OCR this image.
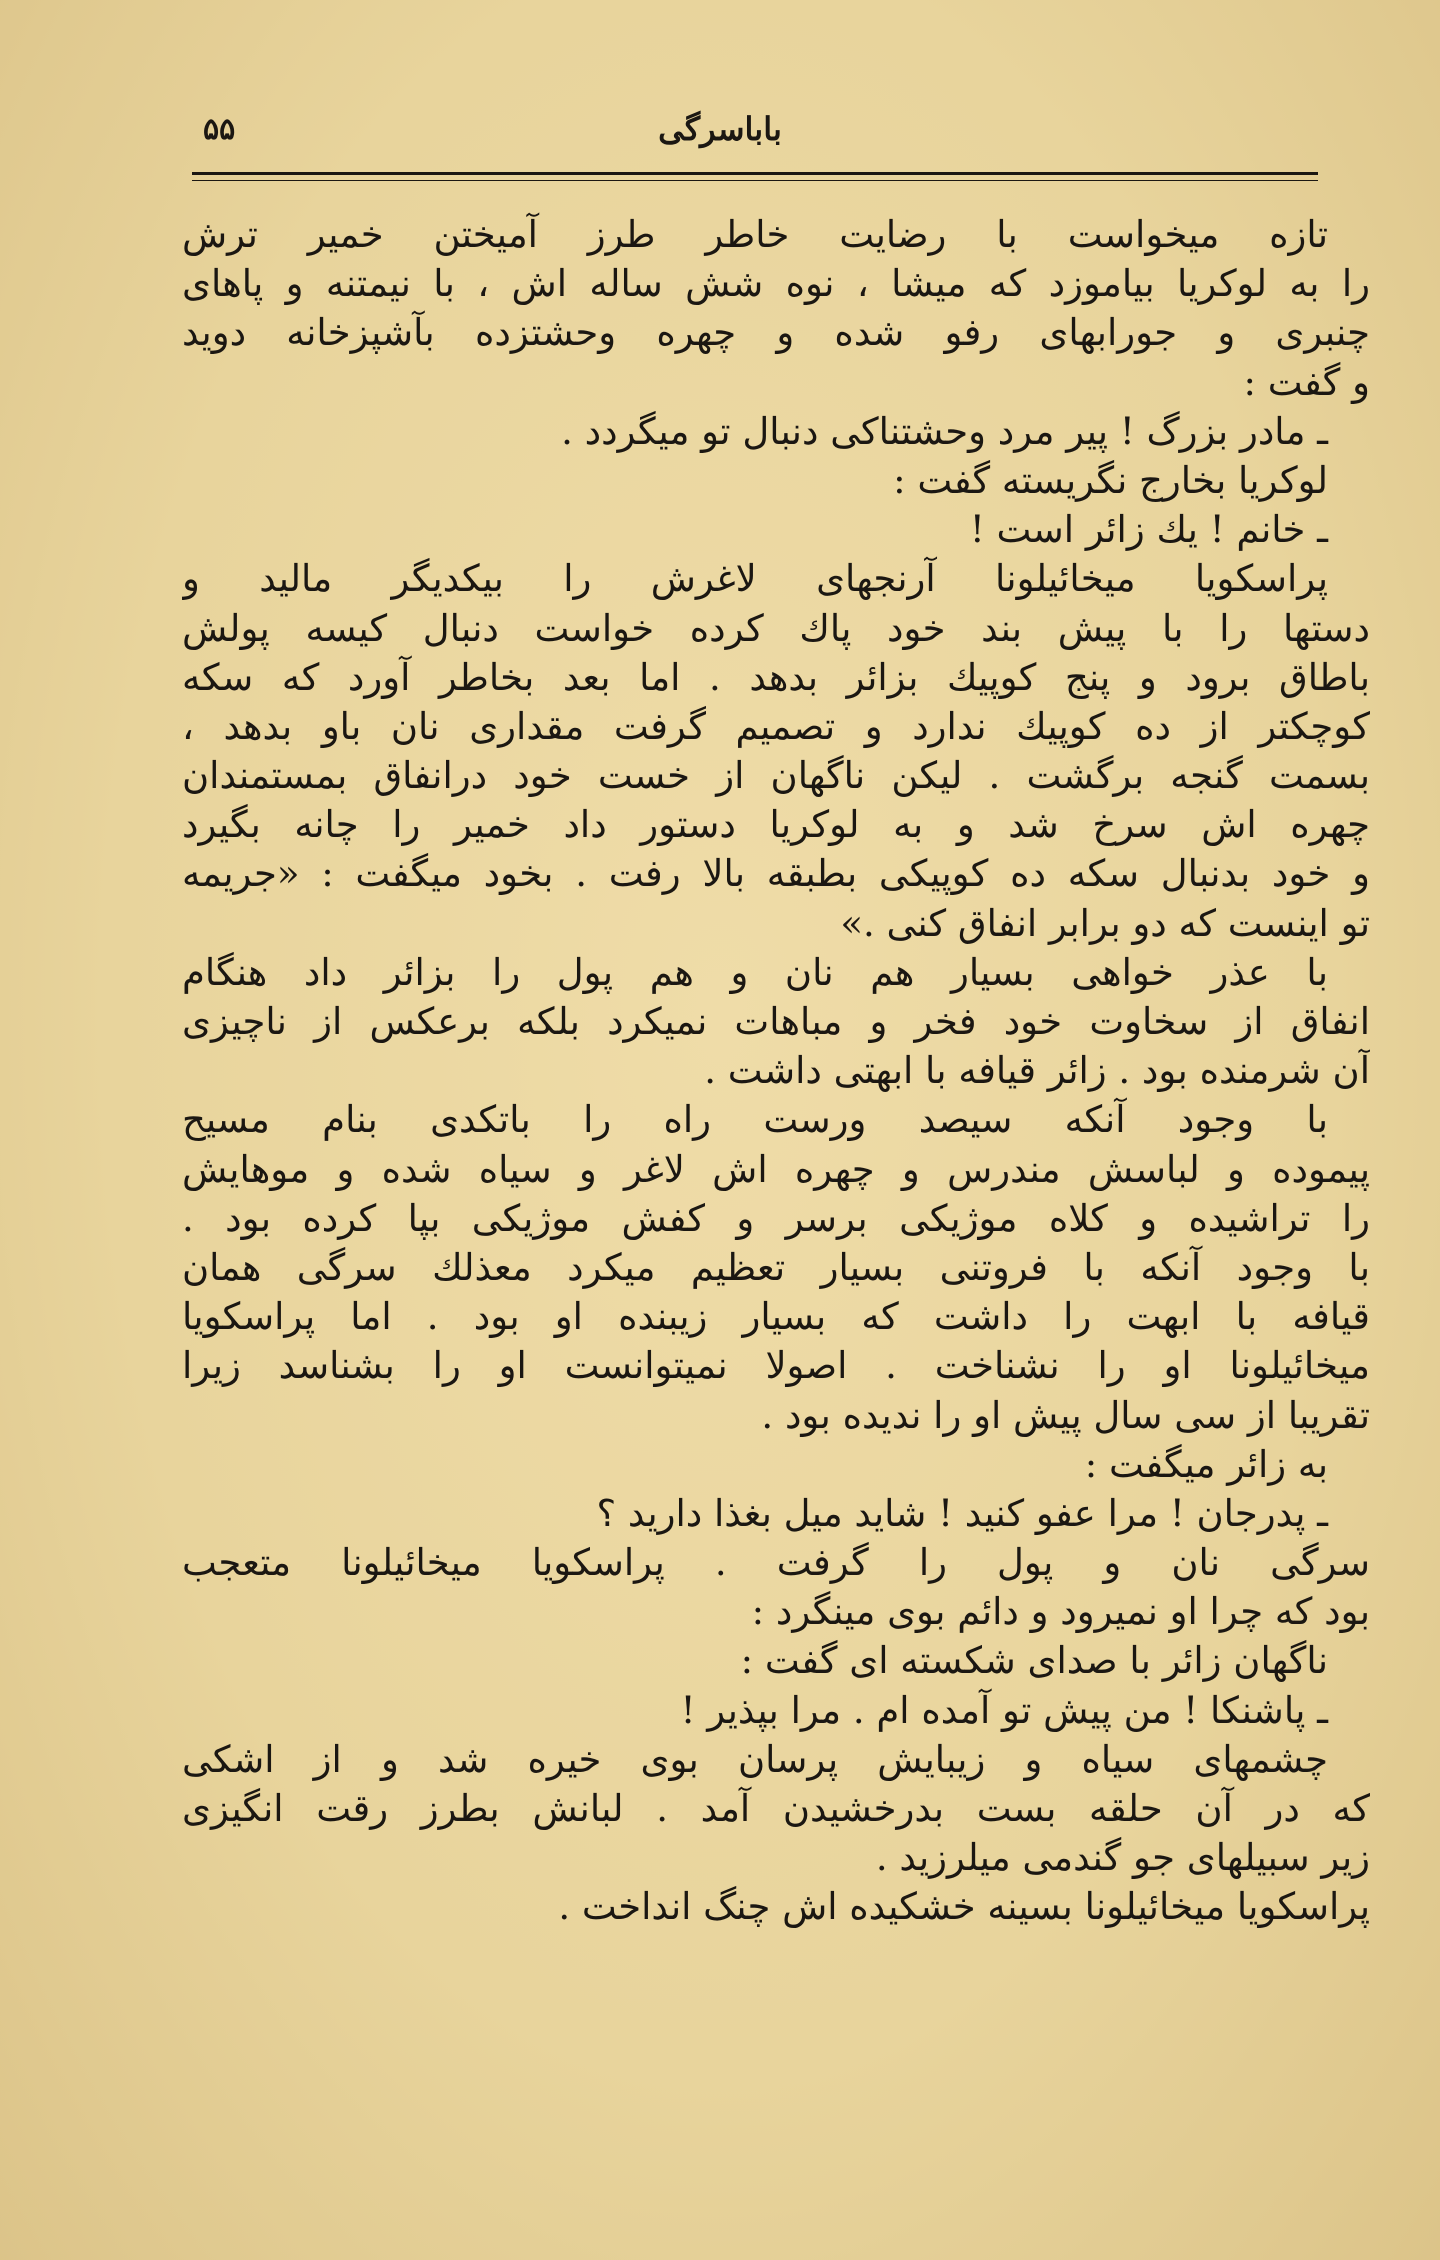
۵۵	باباسرگی
تازه میخواست با رضایت خاطر طرز آمیختن خمیر ترش
را به لوکریا بیاموزد که میشا ، نوه شش ساله اش ، با نیمتنه و پاهای
چنبری و جورابهای رفو شده و چهره وحشتزده بآشپزخانه دوید
و گفت :
ـ مادر بزرگ ! پیر مرد وحشتناکی دنبال تو میگردد .
لوکریا بخارج نگریسته گفت :
ـ خانم ! یك زائر است !
پراسکویا میخائیلونا آرنجهای لاغرش را بیکدیگر مالید و
دستها را با پیش بند خود پاك کرده خواست دنبال کیسه پولش
باطاق برود و پنج کوپیك بزائر بدهد . اما بعد بخاطر آورد که سکه
کوچکتر از ده کوپیك ندارد و تصمیم گرفت مقداری نان باو بدهد ،
بسمت گنجه برگشت . لیکن ناگهان از خست خود درانفاق بمستمندان
چهره اش سرخ شد و به لوکریا دستور داد خمیر را چانه بگیرد
و خود بدنبال سکه ده کوپیکی بطبقه بالا رفت . بخود میگفت : «جریمه
تو اینست که دو برابر انفاق کنی .»
با عذر خواهی بسیار هم نان و هم پول را بزائر داد هنگام
انفاق از سخاوت خود فخر و مباهات نمیکرد بلکه برعکس از ناچیزی
آن شرمنده بود . زائر قیافه با ابهتی داشت .
با وجود آنکه سیصد ورست راه را باتکدی بنام مسیح
پیموده و لباسش مندرس و چهره اش لاغر و سیاه شده و موهایش
را تراشیده و کلاه موژیکی برسر و کفش موژیکی بپا کرده بود .
با وجود آنکه با فروتنی بسیار تعظیم میکرد معذلك سرگی همان
قیافه با ابهت را داشت که بسیار زیبنده او بود . اما پراسکویا
میخائیلونا او را نشناخت . اصولا نمیتوانست او را بشناسد زیرا
تقریبا از سی سال پیش او را ندیده بود .
به زائر میگفت :
ـ پدرجان ! مرا عفو کنید ! شاید میل بغذا دارید ؟
سرگی نان و پول را گرفت . پراسکویا میخائیلونا متعجب
بود که چرا او نمیرود و دائم بوی مینگرد :
ناگهان زائر با صدای شکسته ای گفت :
ـ پاشنکا ! من پیش تو آمده ام . مرا بپذیر !
چشمهای سیاه و زیبایش پرسان بوی خیره شد و از اشکی
که در آن حلقه بست بدرخشیدن آمد . لبانش بطرز رقت انگیزی
زیر سبیلهای جو گندمی میلرزید .
پراسکویا میخائیلونا بسینه خشکیده اش چنگ انداخت .
